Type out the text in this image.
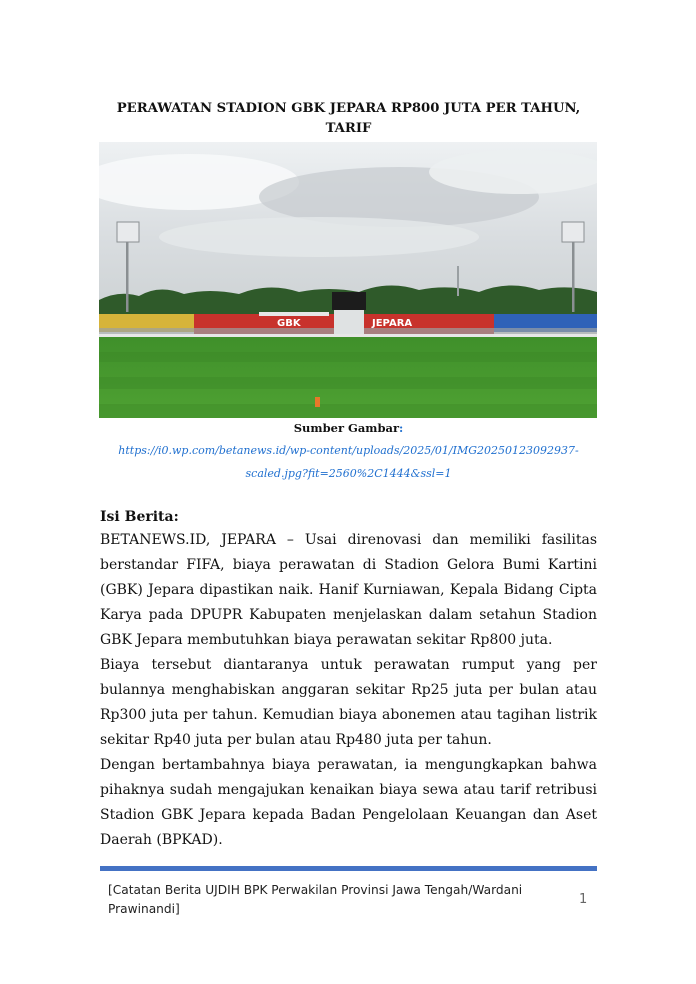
PERAWATAN STADION GBK JEPARA RP800 JUTA PER TAHUN, TARIF
GBK	JEPARA
Sumber Gambar:
https://i0.wp.com/betanews.id/wp-content/uploads/2025/01/IMG20250123092937-scaled.jpg?fit=2560%2C1444&ssl=1
Isi Berita:

BETANEWS.ID, JEPARA – Usai direnovasi dan memiliki fasilitas berstandar FIFA, biaya perawatan di Stadion Gelora Bumi Kartini (GBK) Jepara dipastikan naik. Hanif Kurniawan, Kepala Bidang Cipta Karya pada DPUPR Kabupaten menjelaskan dalam setahun Stadion GBK Jepara membutuhkan biaya perawatan sekitar Rp800 juta.

Biaya tersebut diantaranya untuk perawatan rumput yang per bulannya menghabiskan anggaran sekitar Rp25 juta per bulan atau Rp300 juta per tahun. Kemudian biaya abonemen atau tagihan listrik sekitar Rp40 juta per bulan atau Rp480 juta per tahun.

Dengan bertambahnya biaya perawatan, ia mengungkapkan bahwa pihaknya sudah mengajukan kenaikan biaya sewa atau tarif retribusi Stadion GBK Jepara kepada Badan Pengelolaan Keuangan dan Aset Daerah (BPKAD).

[Catatan Berita UJDIH BPK Perwakilan Provinsi Jawa Tengah/Wardani Prawinandi]
1
